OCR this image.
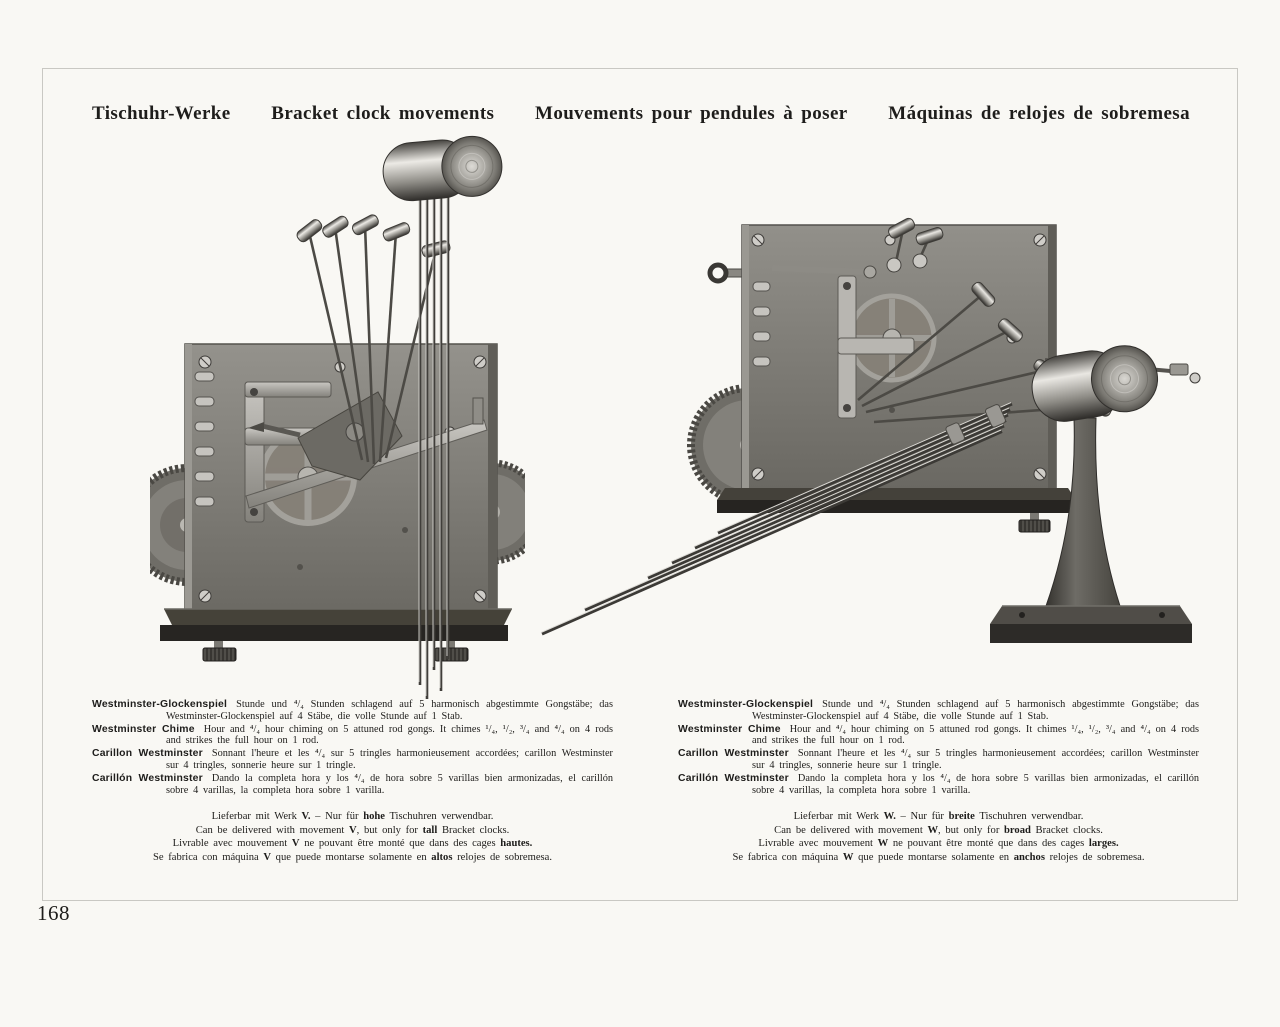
Tischuhr-Werke Bracket clock movements Mouvements pour pendules à poser Máquinas de relojes de sobremesa

Westminster-Glockenspiel Stunde und ⁴/₄ Stunden schlagend auf 5 harmonisch abgestimmte Gongstäbe; das Westminster-Glockenspiel auf 4 Stäbe, die volle Stunde auf 1 Stab.

Westminster Chime Hour and ⁴/₄ hour chiming on 5 attuned rod gongs. It chimes ¹/₄, ¹/₂, ³/₄ and ⁴/₄ on 4 rods and strikes the full hour on 1 rod.

Carillon Westminster Sonnant l'heure et les ⁴/₄ sur 5 tringles harmonieusement accordées; carillon Westminster sur 4 tringles, sonnerie heure sur 1 tringle.

Carillón Westminster Dando la completa hora y los ⁴/₄ de hora sobre 5 varillas bien armonizadas, el carillón sobre 4 varillas, la completa hora sobre 1 varilla.

Lieferbar mit Werk V. – Nur für hohe Tischuhren verwendbar.

Can be delivered with movement V, but only for tall Bracket clocks.

Livrable avec mouvement V ne pouvant être monté que dans des cages hautes.

Se fabrica con máquina V que puede montarse solamente en altos relojes de sobremesa.

Westminster-Glockenspiel Stunde und ⁴/₄ Stunden schlagend auf 5 harmonisch abgestimmte Gongstäbe; das Westminster-Glockenspiel auf 4 Stäbe, die volle Stunde auf 1 Stab.

Westminster Chime Hour and ⁴/₄ hour chiming on 5 attuned rod gongs. It chimes ¹/₄, ¹/₂, ³/₄ and ⁴/₄ on 4 rods and strikes the full hour on 1 rod.

Carillon Westminster Sonnant l'heure et les ⁴/₄ sur 5 tringles harmonieusement accordées; carillon Westminster sur 4 tringles, sonnerie heure sur 1 tringle.

Carillón Westminster Dando la completa hora y los ⁴/₄ de hora sobre 5 varillas bien armonizadas, el carillón sobre 4 varillas, la completa hora sobre 1 varilla.

Lieferbar mit Werk W. – Nur für breite Tischuhren verwendbar.

Can be delivered with movement W, but only for broad Bracket clocks.

Livrable avec mouvement W ne pouvant être monté que dans des cages larges.

Se fabrica con máquina W que puede montarse solamente en anchos relojes de sobremesa.

168
